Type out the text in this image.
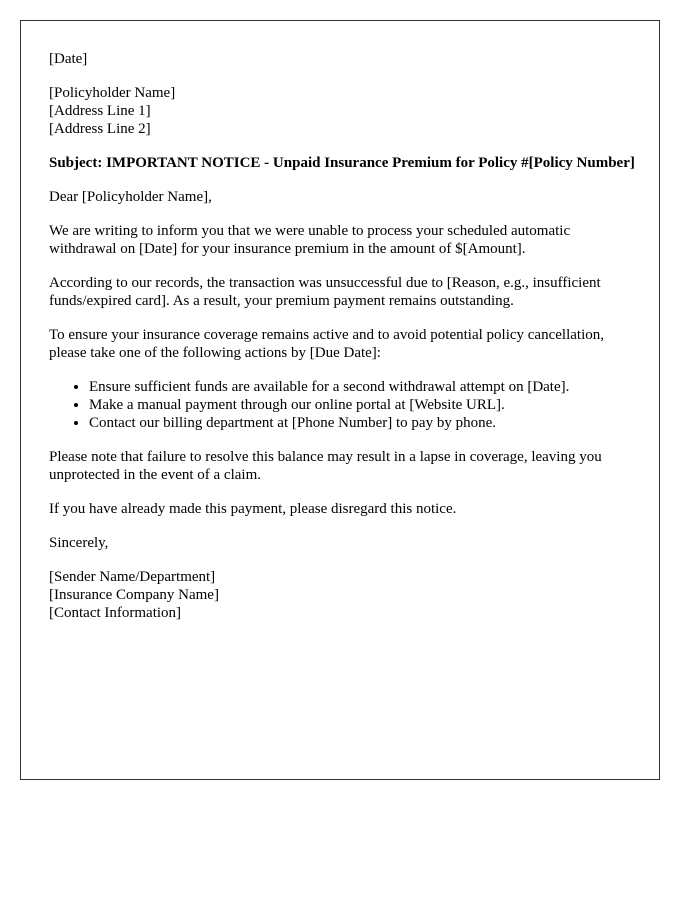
[Date]

[Policyholder Name]

[Address Line 1]

[Address Line 2]

Subject: IMPORTANT NOTICE - Unpaid Insurance Premium for Policy #[Policy Number]

Dear [Policyholder Name],

We are writing to inform you that we were unable to process your scheduled automatic withdrawal on [Date] for your insurance premium in the amount of $[Amount].

According to our records, the transaction was unsuccessful due to [Reason, e.g., insufficient funds/expired card]. As a result, your premium payment remains outstanding.

To ensure your insurance coverage remains active and to avoid potential policy cancellation, please take one of the following actions by [Due Date]:

• Ensure sufficient funds are available for a second withdrawal attempt on [Date].
• Make a manual payment through our online portal at [Website URL].
• Contact our billing department at [Phone Number] to pay by phone.

Please note that failure to resolve this balance may result in a lapse in coverage, leaving you unprotected in the event of a claim.

If you have already made this payment, please disregard this notice.

Sincerely,

[Sender Name/Department]

[Insurance Company Name]

[Contact Information]
